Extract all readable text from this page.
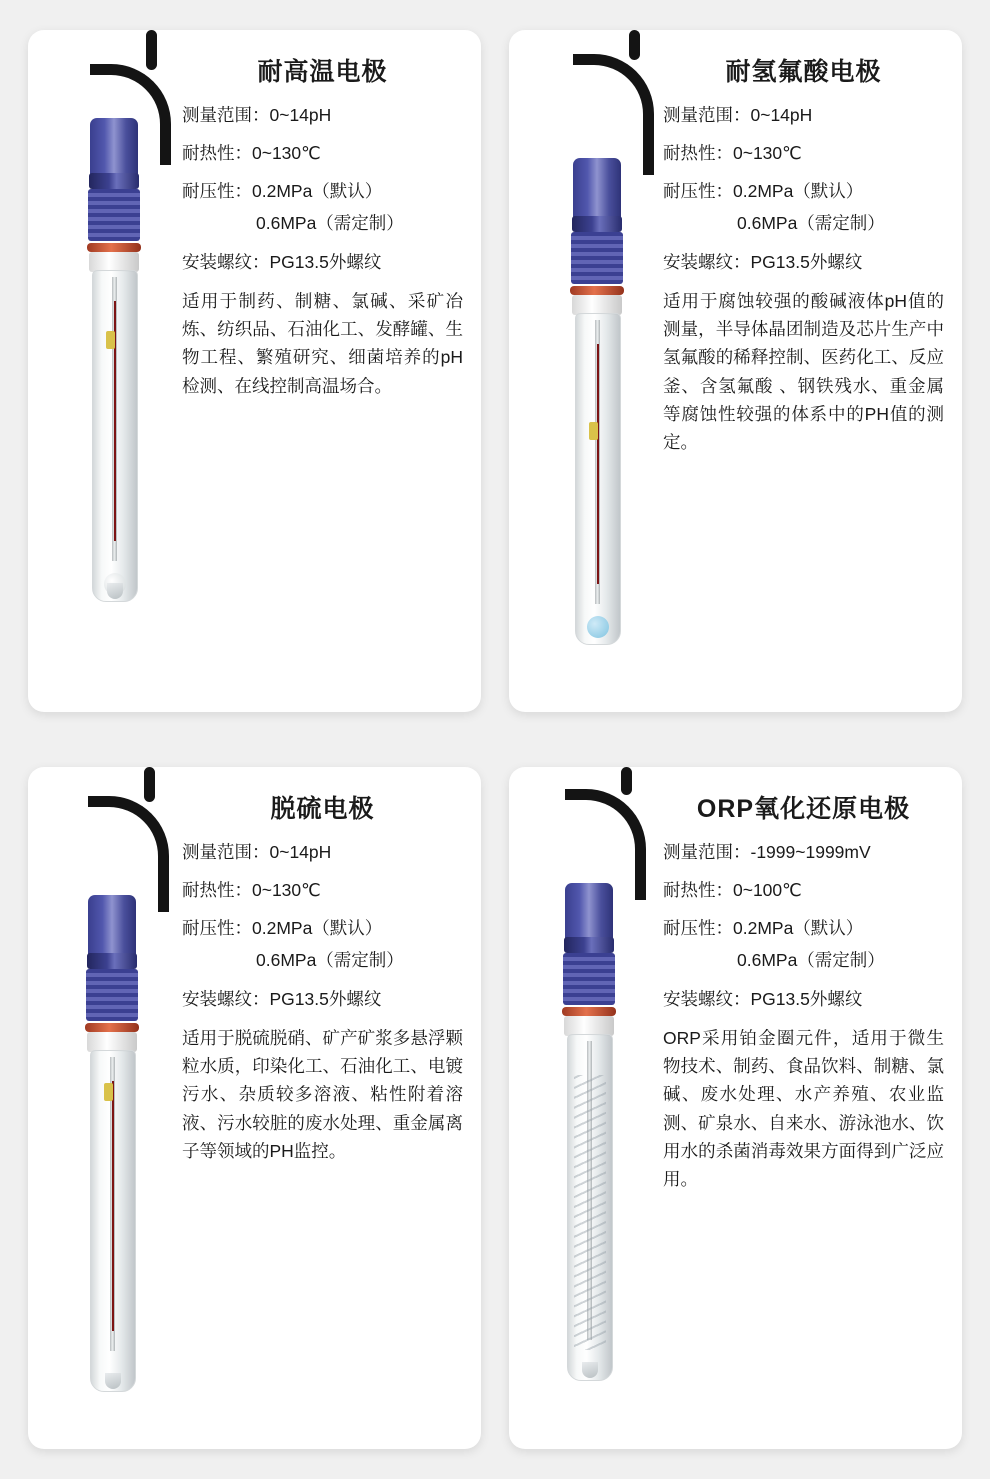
耐高温电极

测量范围：0~14pH

耐热性：0~130℃

耐压性：0.2MPa（默认）

0.6MPa（需定制）

安装螺纹：PG13.5外螺纹

适用于制药、制糖、氯碱、采矿冶炼、纺织品、石油化工、发酵罐、生物工程、繁殖研究、细菌培养的pH检测、在线控制高温场合。

耐氢氟酸电极

测量范围：0~14pH

耐热性：0~130℃

耐压性：0.2MPa（默认）

0.6MPa（需定制）

安装螺纹：PG13.5外螺纹

适用于腐蚀较强的酸碱液体pH值的测量，半导体晶团制造及芯片生产中氢氟酸的稀释控制、医药化工、反应釜、含氢氟酸 、钢铁残水、重金属等腐蚀性较强的体系中的PH值的测定。

脱硫电极

测量范围：0~14pH

耐热性：0~130℃

耐压性：0.2MPa（默认）

0.6MPa（需定制）

安装螺纹：PG13.5外螺纹

适用于脱硫脱硝、矿产矿浆多悬浮颗粒水质，印染化工、石油化工、电镀污水、杂质较多溶液、粘性附着溶液、污水较脏的废水处理、重金属离子等领域的PH监控。

ORP氧化还原电极

测量范围：-1999~1999mV

耐热性：0~100℃

耐压性：0.2MPa（默认）

0.6MPa（需定制）

安装螺纹：PG13.5外螺纹

ORP采用铂金圈元件，适用于微生物技术、制药、食品饮料、制糖、氯碱、废水处理、水产养殖、农业监测、矿泉水、自来水、游泳池水、饮用水的杀菌消毒效果方面得到广泛应用。
